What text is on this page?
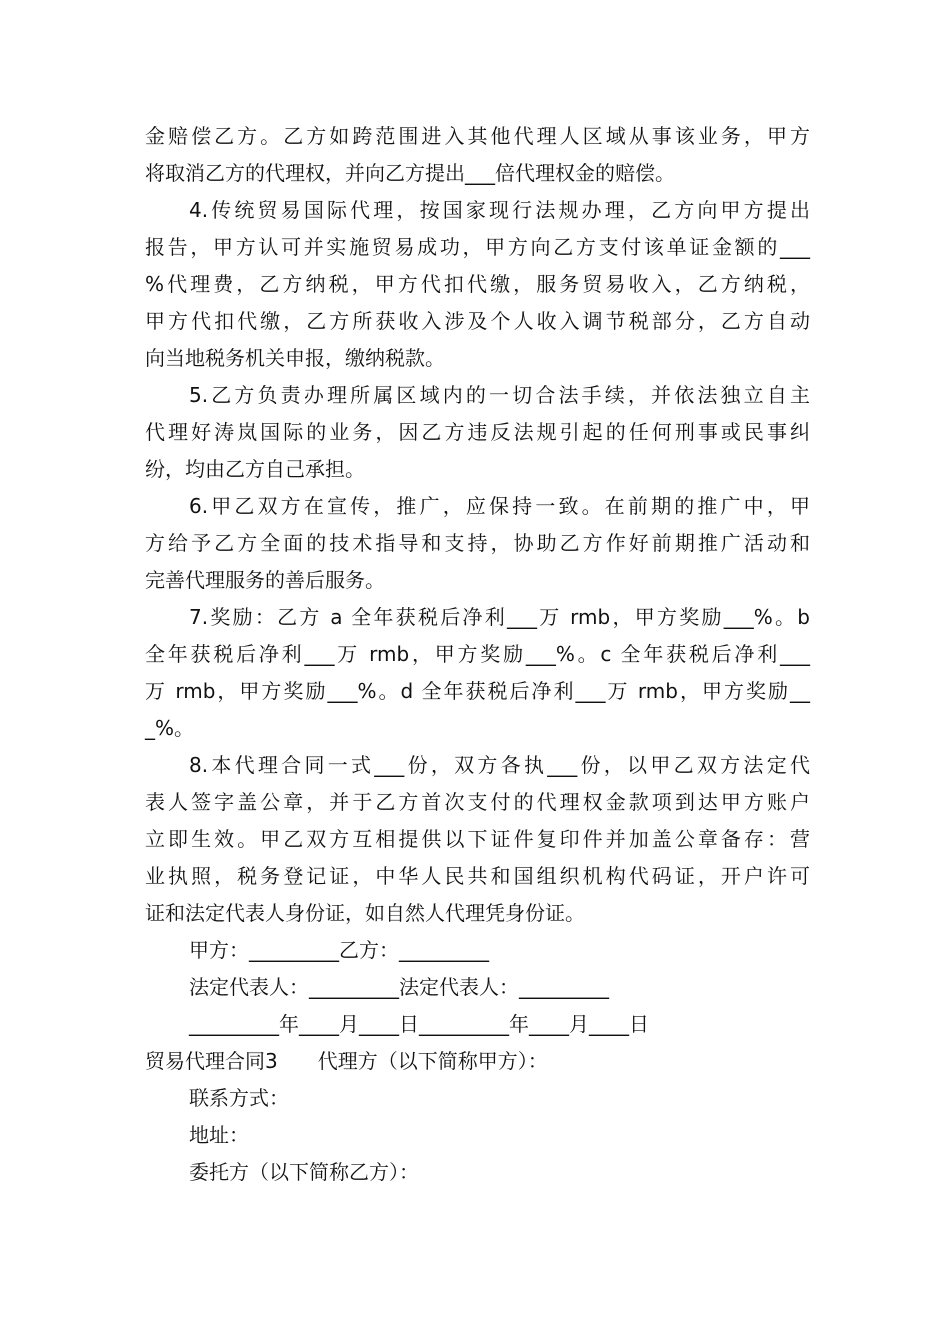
金赔偿乙方。乙方如跨范围进入其他代理人区域从事该业务，甲方
将取消乙方的代理权，并向乙方提出___倍代理权金的赔偿。
4.传统贸易国际代理，按国家现行法规办理，乙方向甲方提出
报告，甲方认可并实施贸易成功，甲方向乙方支付该单证金额的___
%代理费，乙方纳税，甲方代扣代缴，服务贸易收入，乙方纳税，
甲方代扣代缴，乙方所获收入涉及个人收入调节税部分，乙方自动
向当地税务机关申报，缴纳税款。
5.乙方负责办理所属区域内的一切合法手续，并依法独立自主
代理好涛岚国际的业务，因乙方违反法规引起的任何刑事或民事纠
纷，均由乙方自己承担。
6.甲乙双方在宣传，推广，应保持一致。在前期的推广中，甲
方给予乙方全面的技术指导和支持，协助乙方作好前期推广活动和
完善代理服务的善后服务。
7.奖励：乙方 a 全年获税后净利___万 rmb，甲方奖励___%。b
全年获税后净利___万 rmb，甲方奖励___%。c 全年获税后净利___
万 rmb，甲方奖励___%。d 全年获税后净利___万 rmb，甲方奖励__
_%。
8.本代理合同一式___份，双方各执___份，以甲乙双方法定代
表人签字盖公章，并于乙方首次支付的代理权金款项到达甲方账户
立即生效。甲乙双方互相提供以下证件复印件并加盖公章备存：营
业执照，税务登记证，中华人民共和国组织机构代码证，开户许可
证和法定代表人身份证，如自然人代理凭身份证。
甲方：_________乙方：_________
法定代表人：_________法定代表人：_________
_________年____月____日_________年____月____日
贸易代理合同3　　代理方（以下简称甲方）：
联系方式：
地址：
委托方（以下简称乙方）：
